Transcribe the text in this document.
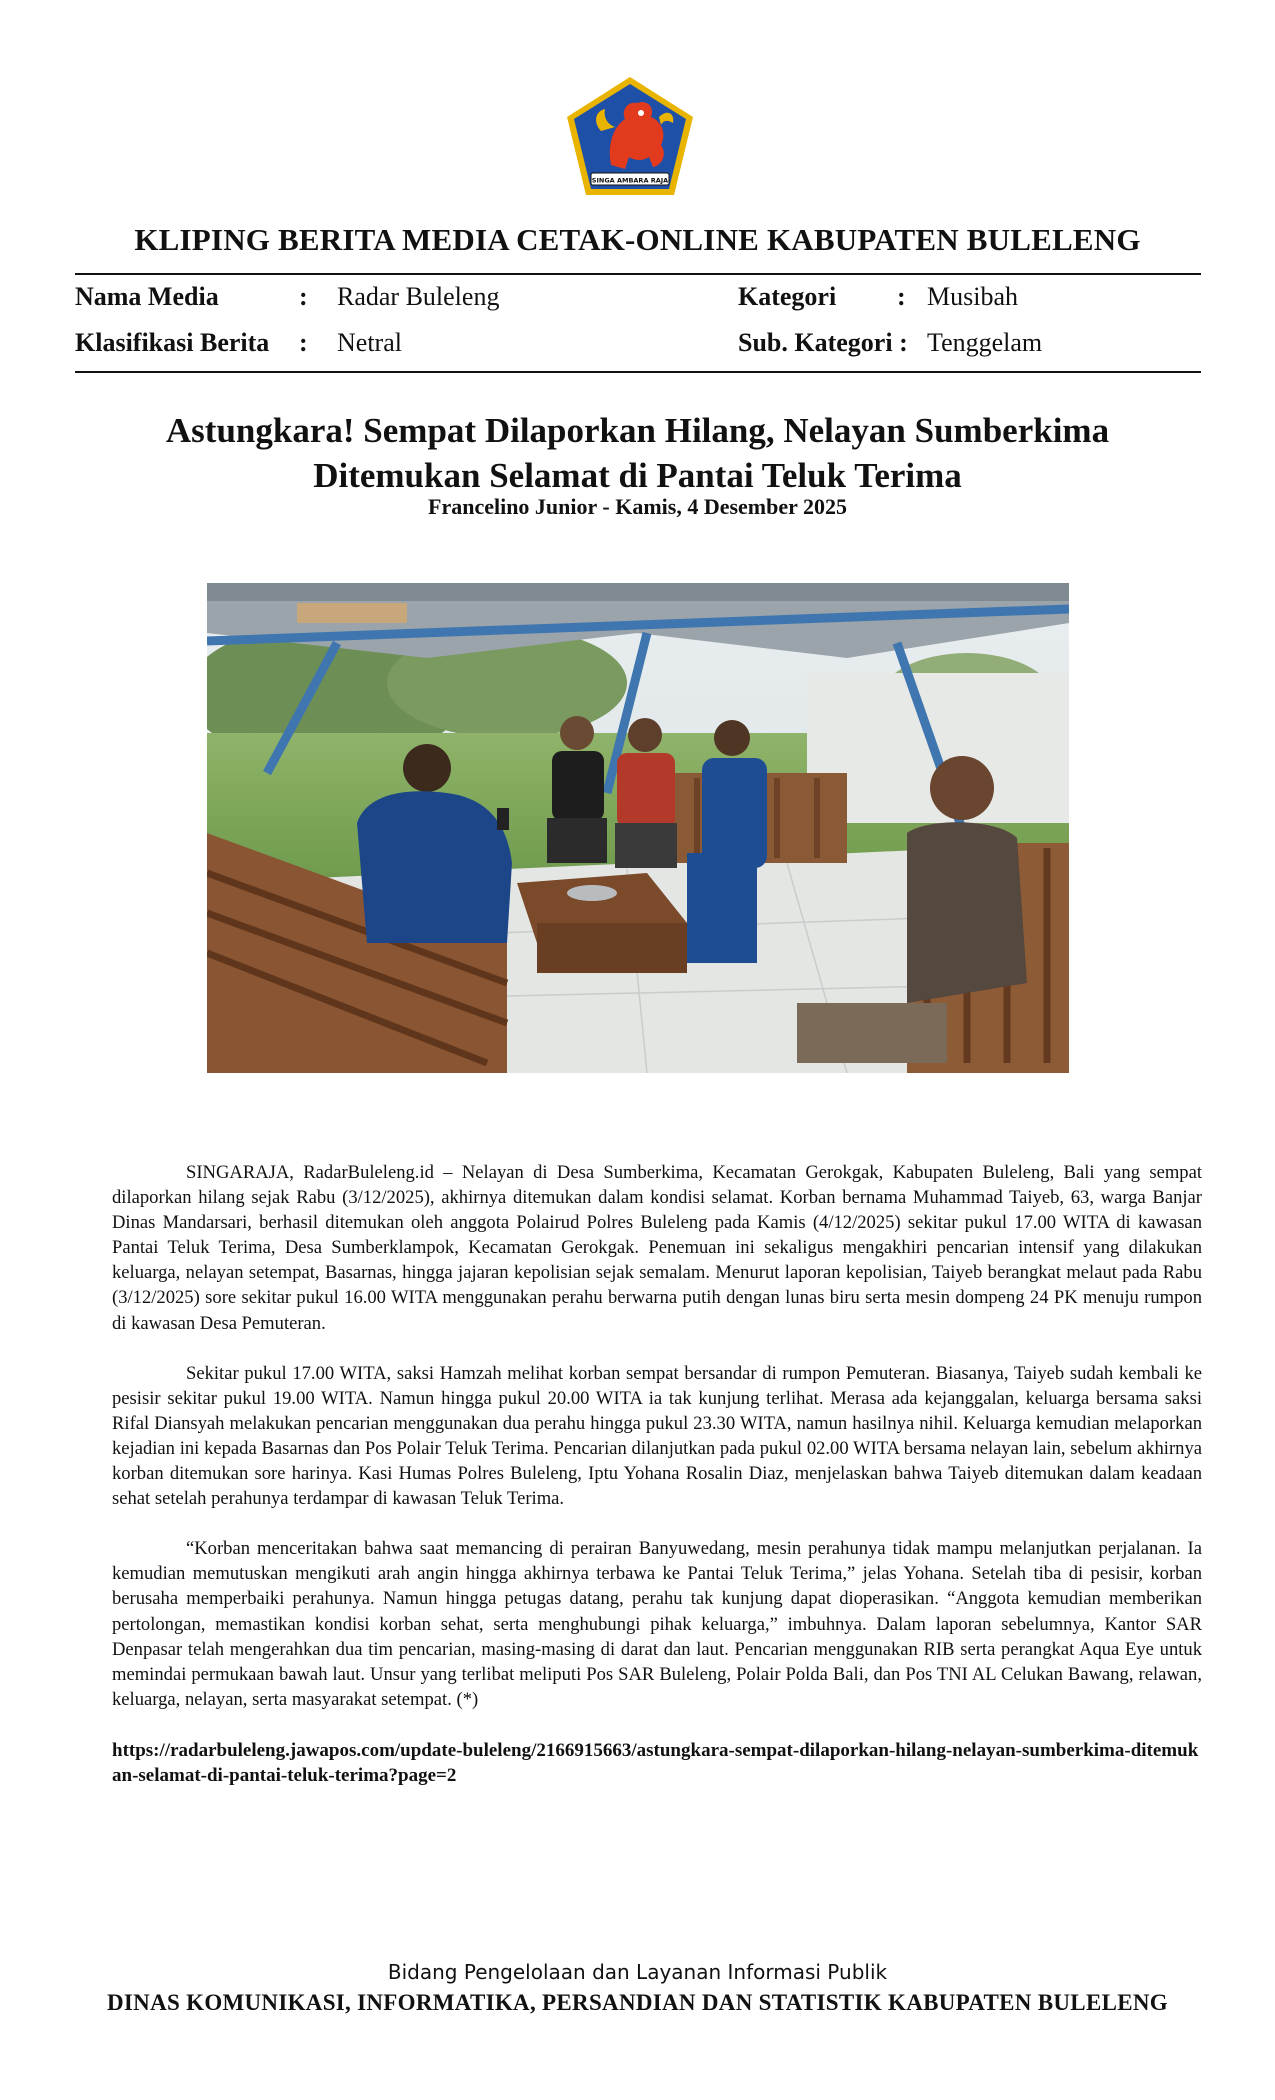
SINGA AMBARA RAJA
KLIPING BERITA MEDIA CETAK-ONLINE KABUPATEN BULELENG
Nama Media	: Radar Buleleng	Kategori : Musibah
Klasifikasi Berita : Netral	Sub. Kategori : Tenggelam
Astungkara! Sempat Dilaporkan Hilang, Nelayan Sumberkima
Ditemukan Selamat di Pantai Teluk Terima
Francelino Junior - Kamis, 4 Desember 2025

SINGARAJA, RadarBuleleng.id – Nelayan di Desa Sumberkima, Kecamatan Gerokgak, Kabupaten Buleleng, Bali yang sempat dilaporkan hilang sejak Rabu (3/12/2025), akhirnya ditemukan dalam kondisi selamat. Korban bernama Muhammad Taiyeb, 63, warga Banjar Dinas Mandarsari, berhasil ditemukan oleh anggota Polairud Polres Buleleng pada Kamis (4/12/2025) sekitar pukul 17.00 WITA di kawasan Pantai Teluk Terima, Desa Sumberklampok, Kecamatan Gerokgak. Penemuan ini sekaligus mengakhiri pencarian intensif yang dilakukan keluarga, nelayan setempat, Basarnas, hingga jajaran kepolisian sejak semalam. Menurut laporan kepolisian, Taiyeb berangkat melaut pada Rabu (3/12/2025) sore sekitar pukul 16.00 WITA menggunakan perahu berwarna putih dengan lunas biru serta mesin dompeng 24 PK menuju rumpon di kawasan Desa Pemuteran.

Sekitar pukul 17.00 WITA, saksi Hamzah melihat korban sempat bersandar di rumpon Pemuteran. Biasanya, Taiyeb sudah kembali ke pesisir sekitar pukul 19.00 WITA. Namun hingga pukul 20.00 WITA ia tak kunjung terlihat. Merasa ada kejanggalan, keluarga bersama saksi Rifal Diansyah melakukan pencarian menggunakan dua perahu hingga pukul 23.30 WITA, namun hasilnya nihil. Keluarga kemudian melaporkan kejadian ini kepada Basarnas dan Pos Polair Teluk Terima. Pencarian dilanjutkan pada pukul 02.00 WITA bersama nelayan lain, sebelum akhirnya korban ditemukan sore harinya. Kasi Humas Polres Buleleng, Iptu Yohana Rosalin Diaz, menjelaskan bahwa Taiyeb ditemukan dalam keadaan sehat setelah perahunya terdampar di kawasan Teluk Terima.

“Korban menceritakan bahwa saat memancing di perairan Banyuwedang, mesin perahunya tidak mampu melanjutkan perjalanan. Ia kemudian memutuskan mengikuti arah angin hingga akhirnya terbawa ke Pantai Teluk Terima,” jelas Yohana. Setelah tiba di pesisir, korban berusaha memperbaiki perahunya. Namun hingga petugas datang, perahu tak kunjung dapat dioperasikan. “Anggota kemudian memberikan pertolongan, memastikan kondisi korban sehat, serta menghubungi pihak keluarga,” imbuhnya. Dalam laporan sebelumnya, Kantor SAR Denpasar telah mengerahkan dua tim pencarian, masing-masing di darat dan laut. Pencarian menggunakan RIB serta perangkat Aqua Eye untuk memindai permukaan bawah laut. Unsur yang terlibat meliputi Pos SAR Buleleng, Polair Polda Bali, dan Pos TNI AL Celukan Bawang, relawan, keluarga, nelayan, serta masyarakat setempat. (*)

https://radarbuleleng.jawapos.com/update-buleleng/2166915663/astungkara-sempat-dilaporkan-hilang-nelayan-sumberkima-ditemukan-selamat-di-pantai-teluk-terima?page=2
Bidang Pengelolaan dan Layanan Informasi Publik
DINAS KOMUNIKASI, INFORMATIKA, PERSANDIAN DAN STATISTIK KABUPATEN BULELENG
